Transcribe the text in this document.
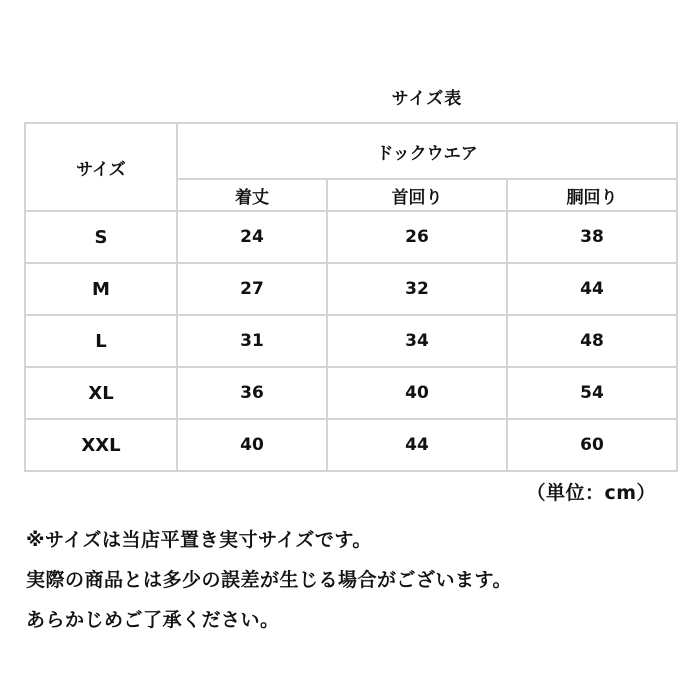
サイズ表
サイズ	ドックウエア		
	着丈	首回り	胴回り
S	24	26	38
M	27	32	44
L	31	34	48
XL	36	40	54
XXL	40	44	60
（単位：cm）
※サイズは当店平置き実寸サイズです。
実際の商品とは多少の誤差が生じる場合がございます。
あらかじめご了承ください。
